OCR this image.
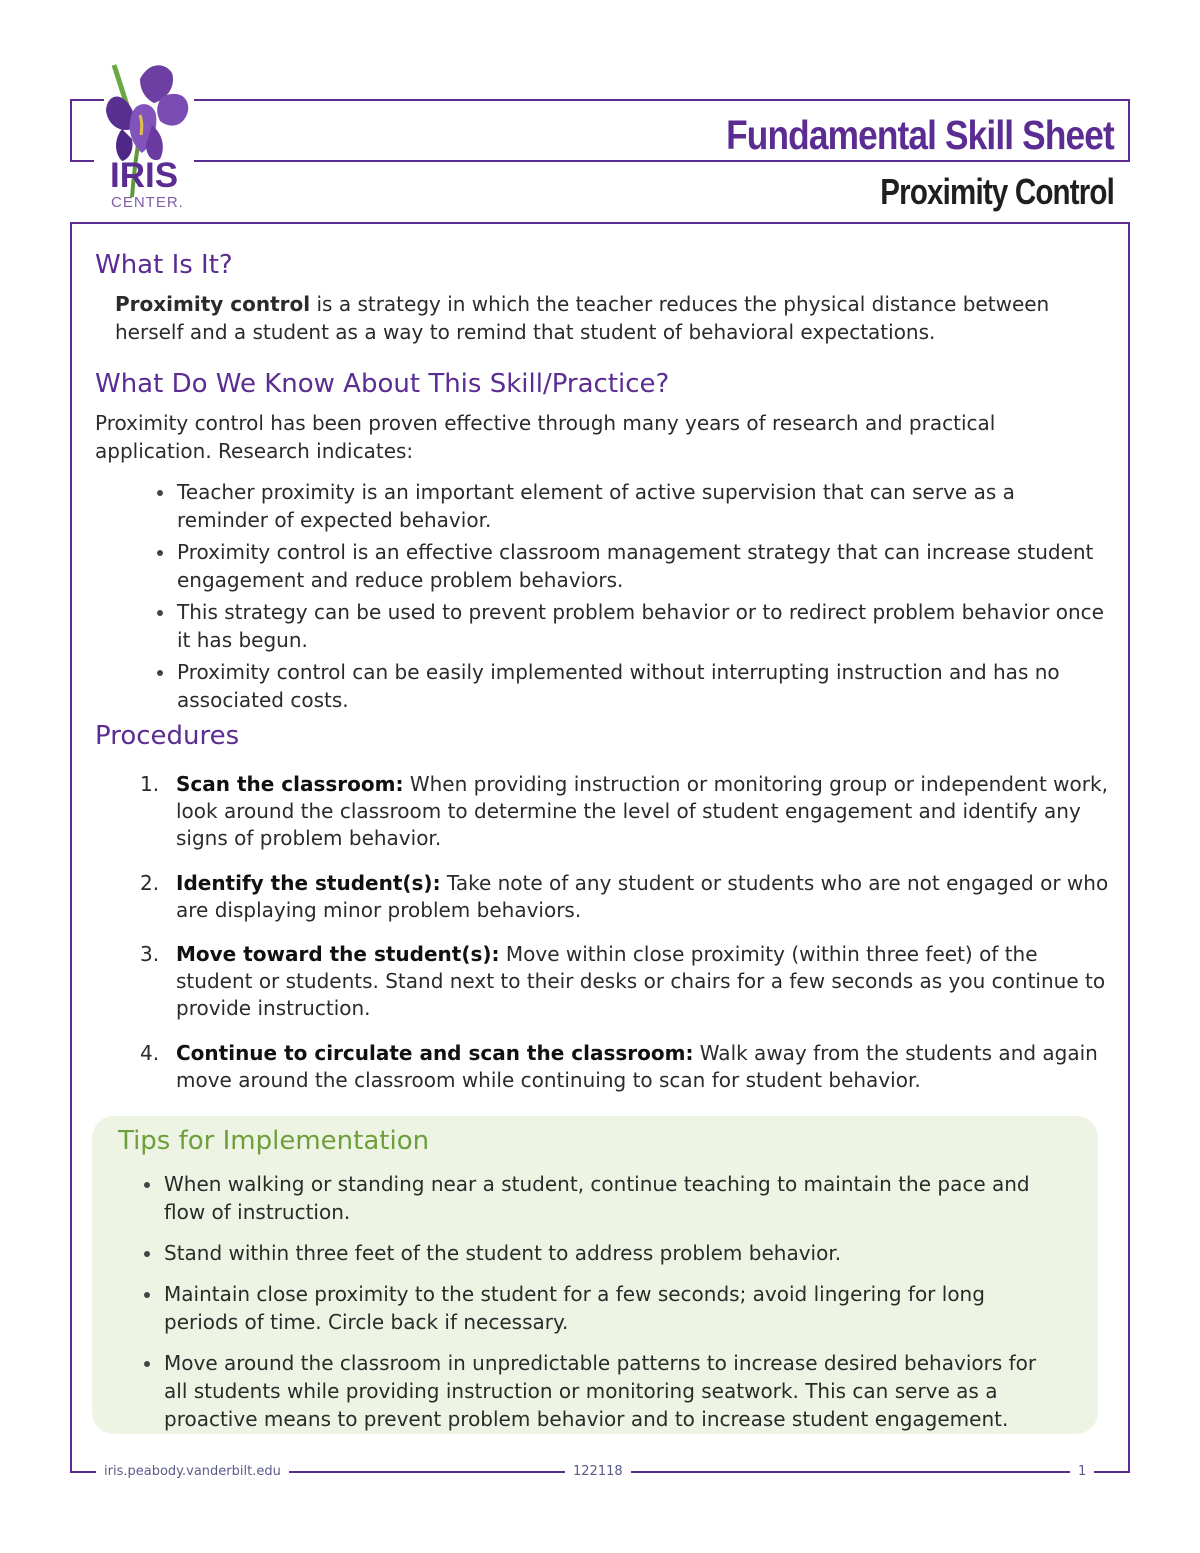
IRIS
CENTER.
Fundamental Skill Sheet
Proximity Control
What Is It?
Proximity control is a strategy in which the teacher reduces the physical distance between herself and a student as a way to remind that student of behavioral expectations.
What Do We Know About This Skill/Practice?
Proximity control has been proven effective through many years of research and practical application. Research indicates:
Teacher proximity is an important element of active supervision that can serve as a reminder of expected behavior.
Proximity control is an effective classroom management strategy that can increase student engagement and reduce problem behaviors.
This strategy can be used to prevent problem behavior or to redirect problem behavior once it has begun.
Proximity control can be easily implemented without interrupting instruction and has no associated costs.
Procedures
1. Scan the classroom: When providing instruction or monitoring group or independent work, look around the classroom to determine the level of student engagement and identify any signs of problem behavior.
2. Identify the student(s): Take note of any student or students who are not engaged or who are displaying minor problem behaviors.
3. Move toward the student(s): Move within close proximity (within three feet) of the student or students. Stand next to their desks or chairs for a few seconds as you continue to provide instruction.
4. Continue to circulate and scan the classroom: Walk away from the students and again move around the classroom while continuing to scan for student behavior.
Tips for Implementation
When walking or standing near a student, continue teaching to maintain the pace and flow of instruction.
Stand within three feet of the student to address problem behavior.
Maintain close proximity to the student for a few seconds; avoid lingering for long periods of time. Circle back if necessary.
Move around the classroom in unpredictable patterns to increase desired behaviors for all students while providing instruction or monitoring seatwork. This can serve as a proactive means to prevent problem behavior and to increase student engagement.
iris.peabody.vanderbilt.edu	122118	1
